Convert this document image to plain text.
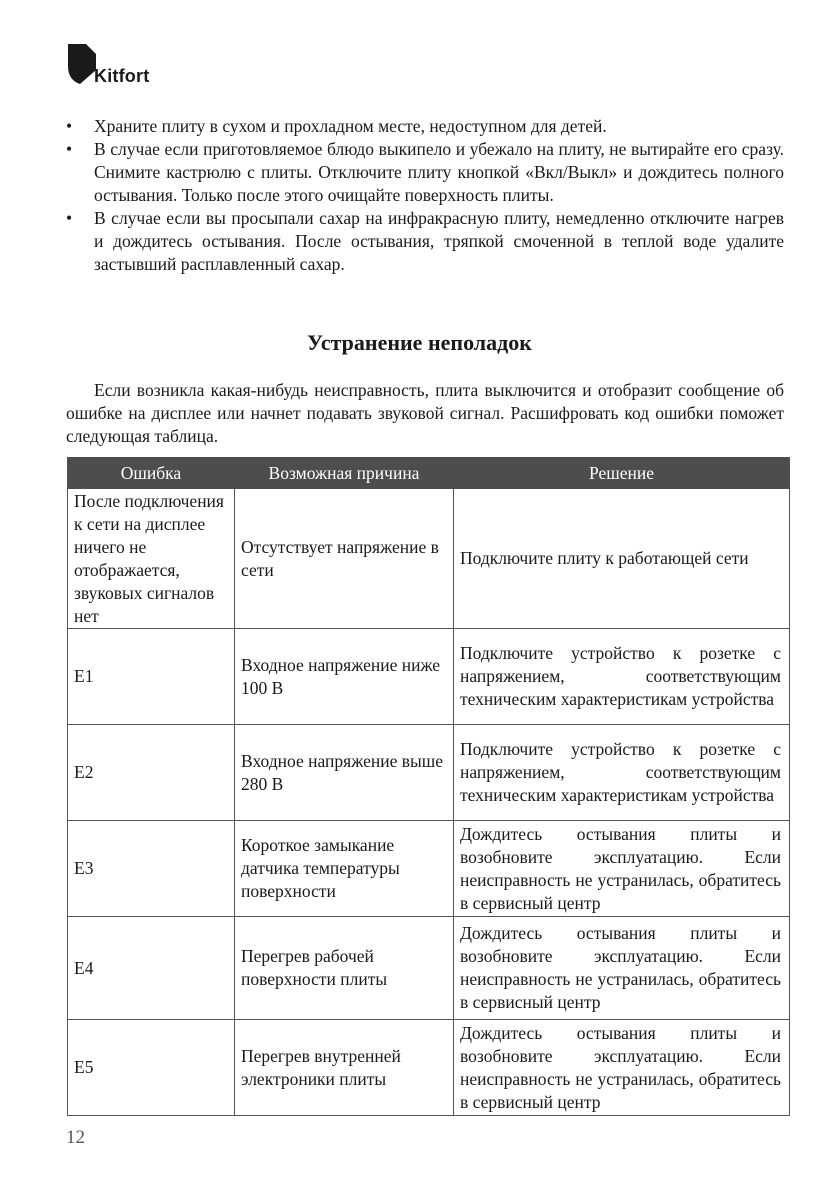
Kitfort
• Храните плиту в сухом и прохладном месте, недоступном для детей.
• В случае если приготовляемое блюдо выкипело и убежало на плиту, не вытирайте его сразу. Снимите кастрюлю с плиты. Отключите плиту кнопкой «Вкл/Выкл» и дождитесь полного остывания. Только после этого очищайте поверхность плиты.
• В случае если вы просыпали сахар на инфракрасную плиту, немедленно отключите нагрев и дождитесь остывания. После остывания, тряпкой смоченной в теплой воде удалите застывший расплавленный сахар.
Устранение неполадок

Если возникла какая-нибудь неисправность, плита выключится и отобразит сообщение об ошибке на дисплее или начнет подавать звуковой сигнал. Расшифровать код ошибки поможет следующая таблица.

Ошибка	Возможная причина	Решение
После подключения к сети на дисплее ничего не отображается, звуковых сигналов нет	Отсутствует напряжение в сети	Подключите плиту к работающей сети
E1	Входное напряжение ниже 100 В	Подключите устройство к розетке с напряжением, соответствующим техническим характеристикам устройства
E2	Входное напряжение выше 280 В	Подключите устройство к розетке с напряжением, соответствующим техническим характеристикам устройства
E3	Короткое замыкание датчика температуры поверхности	Дождитесь остывания плиты и возобновите эксплуатацию. Если неисправность не устранилась, обратитесь в сервисный центр
E4	Перегрев рабочей поверхности плиты	Дождитесь остывания плиты и возобновите эксплуатацию. Если неисправность не устранилась, обратитесь в сервисный центр
E5	Перегрев внутренней электроники плиты	Дождитесь остывания плиты и возобновите эксплуатацию. Если неисправность не устранилась, обратитесь в сервисный центр
12
